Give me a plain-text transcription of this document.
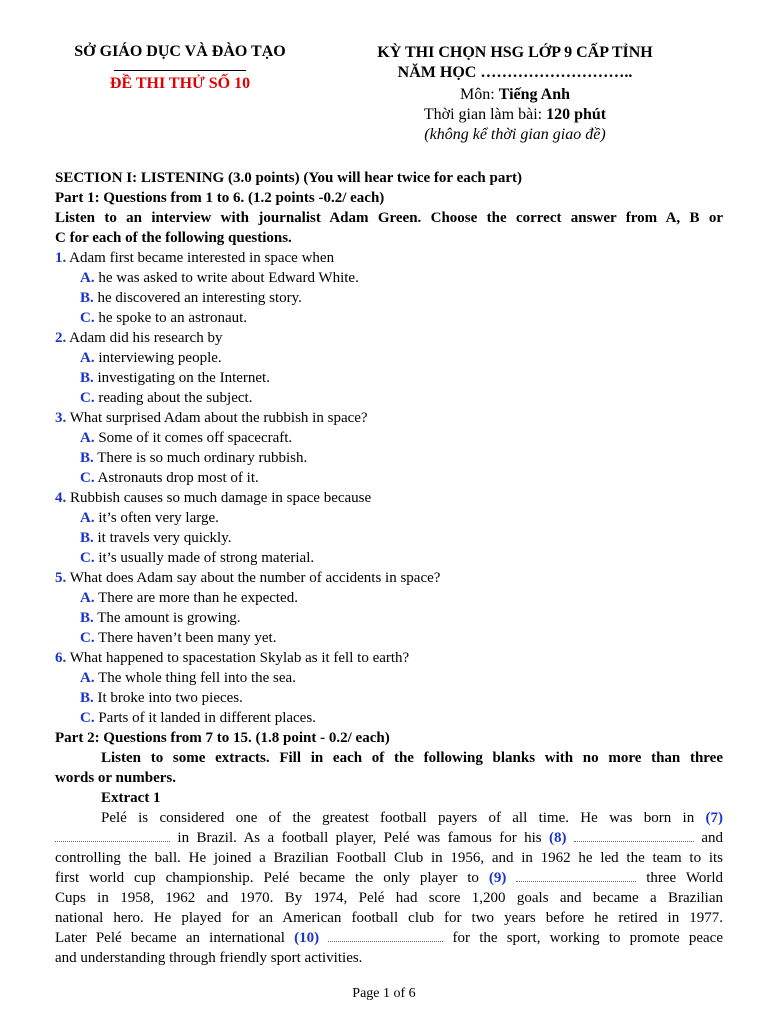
SỞ GIÁO DỤC VÀ ĐÀO TẠO
ĐỀ THI THỬ SỐ 10
KỲ THI CHỌN HSG LỚP 9 CẤP TỈNH
NĂM HỌC ………………………..
Môn: Tiếng Anh
Thời gian làm bài: 120 phút
(không kể thời gian giao đề)
SECTION I: LISTENING (3.0 points) (You will hear twice for each part)
Part 1: Questions from 1 to 6. (1.2 points -0.2/ each)
Listen to an interview with journalist Adam Green. Choose the correct answer from A, B or
C for each of the following questions.
1. Adam first became interested in space when
A. he was asked to write about Edward White.
B. he discovered an interesting story.
C. he spoke to an astronaut.
2. Adam did his research by
A. interviewing people.
B. investigating on the Internet.
C. reading about the subject.
3. What surprised Adam about the rubbish in space?
A. Some of it comes off spacecraft.
B. There is so much ordinary rubbish.
C. Astronauts drop most of it.
4. Rubbish causes so much damage in space because
A. it’s often very large.
B. it travels very quickly.
C. it’s usually made of strong material.
5. What does Adam say about the number of accidents in space?
A. There are more than he expected.
B. The amount is growing.
C. There haven’t been many yet.
6. What happened to spacestation Skylab as it fell to earth?
A. The whole thing fell into the sea.
B. It broke into two pieces.
C. Parts of it landed in different places.
Part 2: Questions from 7 to 15. (1.8 point - 0.2/ each)
Listen to some extracts. Fill in each of the following blanks with no more than three
words or numbers.
Extract 1
Pelé is considered one of the greatest football payers of all time. He was born in (7)
in Brazil. As a football player, Pelé was famous for his (8)	and
controlling the ball. He joined a Brazilian Football Club in 1956, and in 1962 he led the team to its
first world cup championship. Pelé became the only player to (9)	three World
Cups in 1958, 1962 and 1970. By 1974, Pelé had score 1,200 goals and became a Brazilian
national hero. He played for an American football club for two years before he retired in 1977.
Later Pelé became an international (10)	for the sport, working to promote peace
and understanding through friendly sport activities.
Page 1 of 6
